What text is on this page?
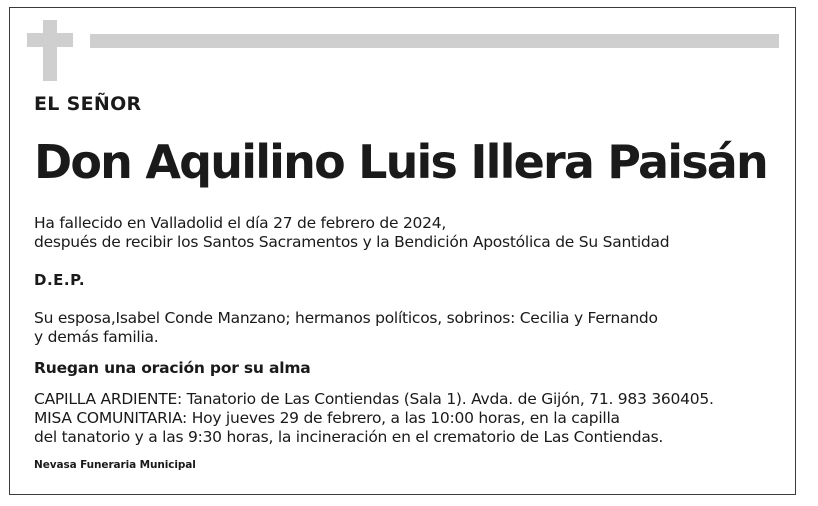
EL SEÑOR
Don Aquilino Luis Illera Paisán
Ha fallecido en Valladolid el día 27 de febrero de 2024,
después de recibir los Santos Sacramentos y la Bendición Apostólica de Su Santidad
D.E.P.
Su esposa,Isabel Conde Manzano; hermanos políticos, sobrinos: Cecilia y Fernando
y demás familia.
Ruegan una oración por su alma
CAPILLA ARDIENTE: Tanatorio de Las Contiendas (Sala 1). Avda. de Gijón, 71. 983 360405.
MISA COMUNITARIA: Hoy jueves 29 de febrero, a las 10:00 horas, en la capilla
del tanatorio y a las 9:30 horas, la incineración en el crematorio de Las Contiendas.
Nevasa Funeraria Municipal
